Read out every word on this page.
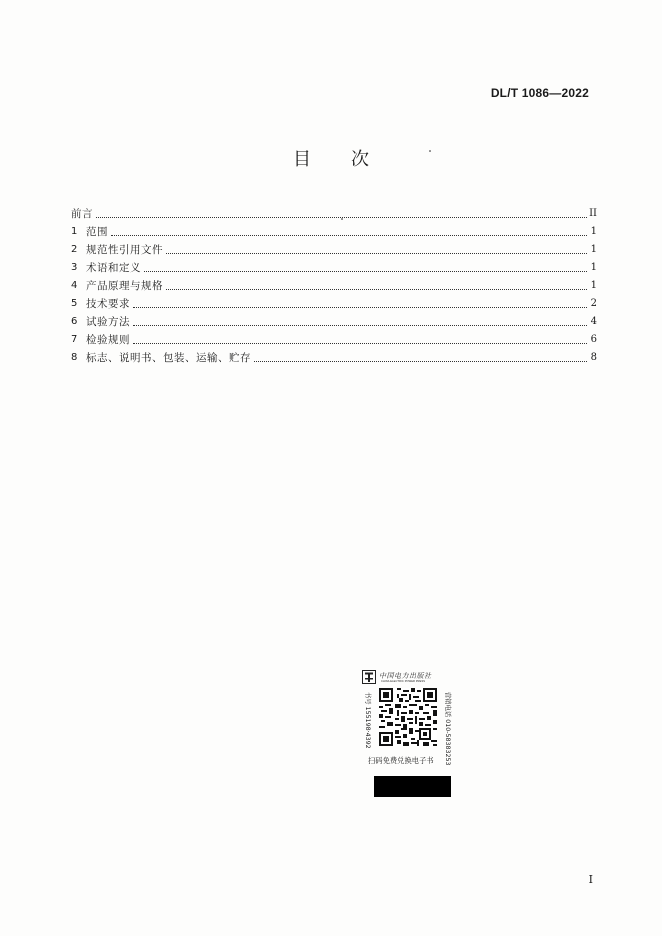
DL/T 1086—2022
目次
前言	II
1 范围	1
2 规范性引用文件	1
3 术语和定义	1
4 产品原理与规格	1
5 技术要求	2
6 试验方法	4
7 检验规则	6
8 标志、说明书、包装、运输、贮存	8
中国电力出版社
CHINA ELECTRIC POWER PRESS
书号 155198·4392	营销电话 010-58383253
扫码免费兑换电子书
I
